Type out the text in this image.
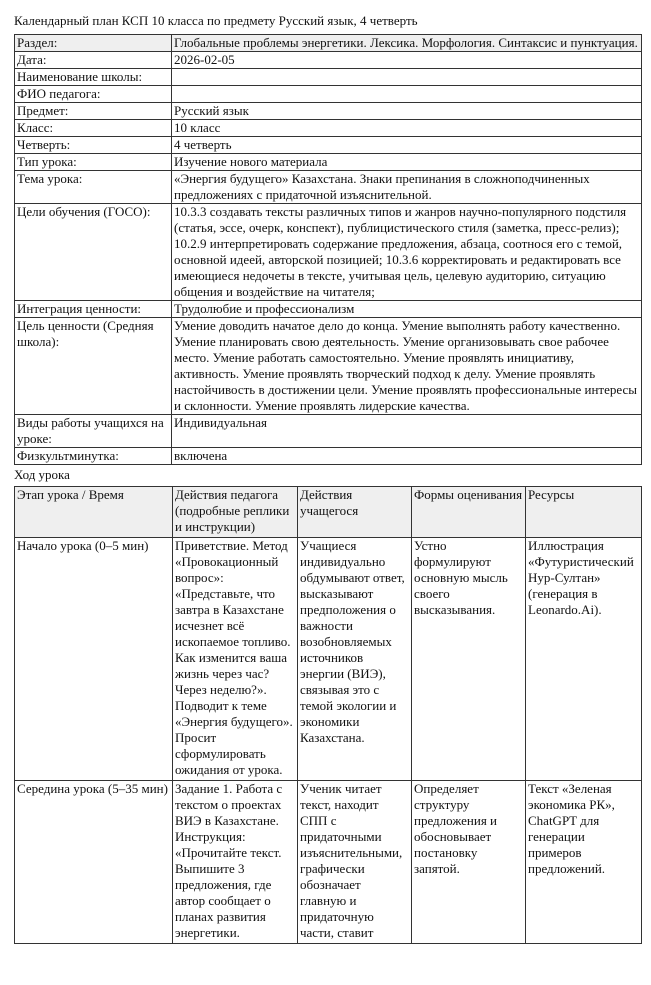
Календарный план КСП 10 класса по предмету Русский язык, 4 четверть
Раздел:	Глобальные проблемы энергетики. Лексика. Морфология. Синтаксис и пунктуация.
Дата:	2026-02-05
Наименование школы:	
ФИО педагога:	
Предмет:	Русский язык
Класс:	10 класс
Четверть:	4 четверть
Тип урока:	Изучение нового материала
Тема урока:	«Энергия будущего» Казахстана. Знаки препинания в сложноподчиненных предложениях с придаточной изъяснительной.
Цели обучения (ГОСО):	10.3.3 создавать тексты различных типов и жанров научно-популярного подстиля (статья, эссе, очерк, конспект), публицистического стиля (заметка, пресс-релиз); 10.2.9 интерпретировать содержание предложения, абзаца, соотнося его с темой, основной идеей, авторской позицией; 10.3.6 корректировать и редактировать все имеющиеся недочеты в тексте, учитывая цель, целевую аудиторию, ситуацию общения и воздействие на читателя;
Интеграция ценности:	Трудолюбие и профессионализм
Цель ценности (Средняя школа):	Умение доводить начатое дело до конца. Умение выполнять работу качественно. Умение планировать свою деятельность. Умение организовывать свое рабочее место. Умение работать самостоятельно. Умение проявлять инициативу, активность. Умение проявлять творческий подход к делу. Умение проявлять настойчивость в достижении цели. Умение проявлять профессиональные интересы и склонности. Умение проявлять лидерские качества.
Виды работы учащихся на уроке:	Индивидуальная
Физкультминутка:	включена
Ход урока
Этап урока / Время	Действия педагога (подробные реплики и инструкции)	Действия учащегося	Формы оценивания	Ресурсы
Начало урока (0–5 мин)	Приветствие. Метод «Провокационный вопрос»: «Представьте, что завтра в Казахстане исчезнет всё ископаемое топливо. Как изменится ваша жизнь через час? Через неделю?». Подводит к теме «Энергия будущего». Просит сформулировать ожидания от урока.	Учащиеся индивидуально обдумывают ответ, высказывают предположения о важности возобновляемых источников энергии (ВИЭ), связывая это с темой экологии и экономики Казахстана.	Устно формулируют основную мысль своего высказывания.	Иллюстрация «Футуристический Нур-Султан» (генерация в Leonardo.Ai).
Середина урока (5–35 мин)	Задание 1. Работа с текстом о проектах ВИЭ в Казахстане. Инструкция: «Прочитайте текст. Выпишите 3 предложения, где автор сообщает о планах развития энергетики.	Ученик читает текст, находит СПП с придаточными изъяснительными, графически обозначает главную и придаточную части, ставит	Определяет структуру предложения и обосновывает постановку запятой.	Текст «Зеленая экономика РК», ChatGPT для генерации примеров предложений.
